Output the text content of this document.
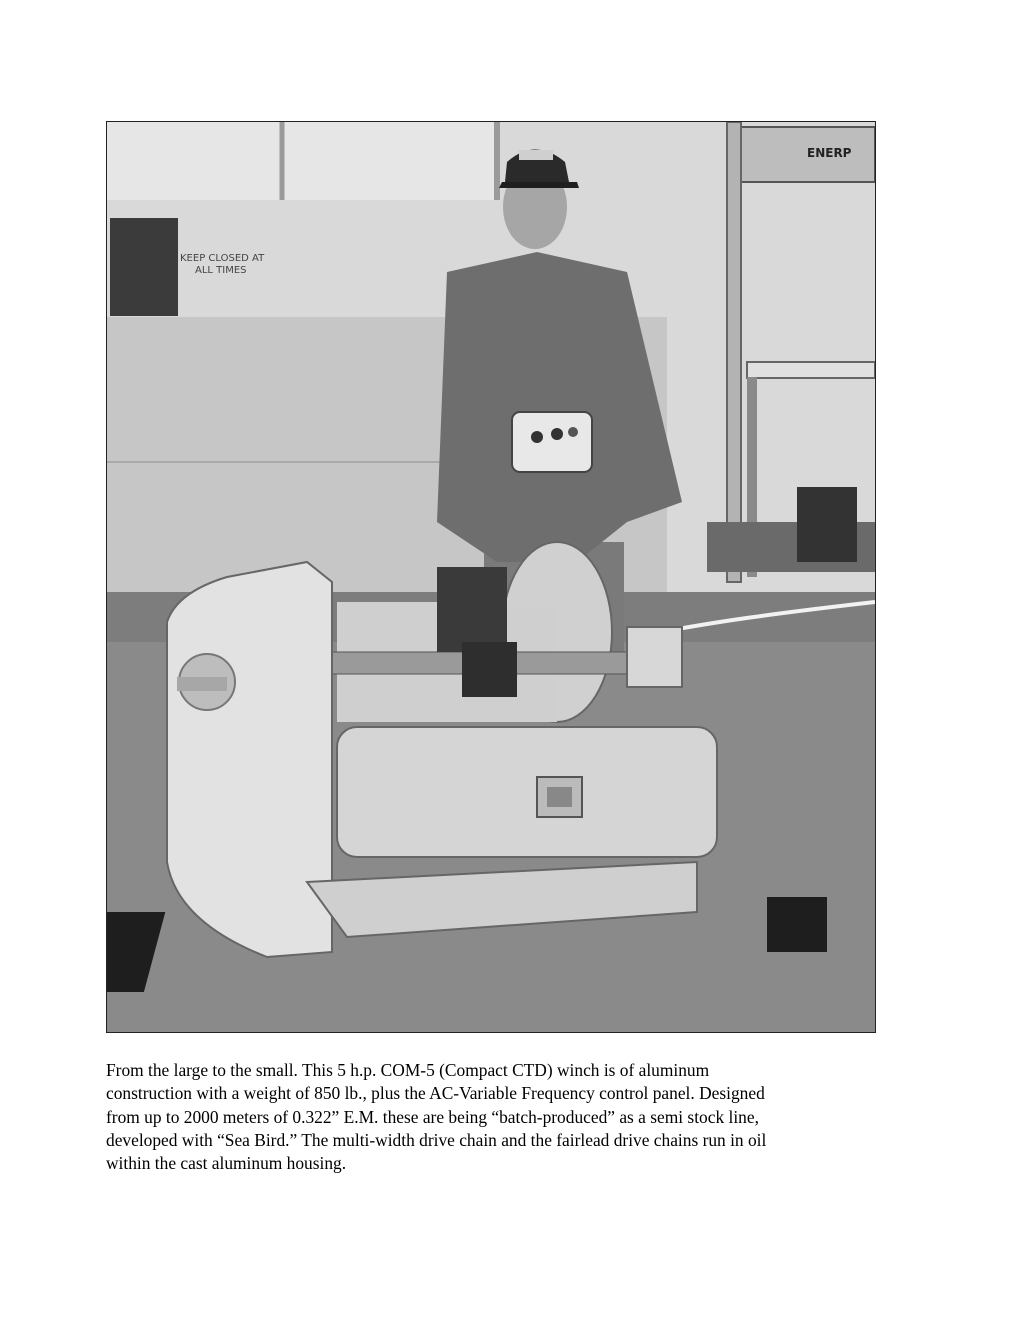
KEEP CLOSED AT
ALL TIMES
ENERP

From the large to the small. This 5 h.p. COM-5 (Compact CTD) winch is of aluminum
construction with a weight of 850 lb., plus the AC-Variable Frequency control panel. Designed
from up to 2000 meters of 0.322” E.M. these are being “batch-produced” as a semi stock line,
developed with “Sea Bird.” The multi-width drive chain and the fairlead drive chains run in oil
within the cast aluminum housing.
